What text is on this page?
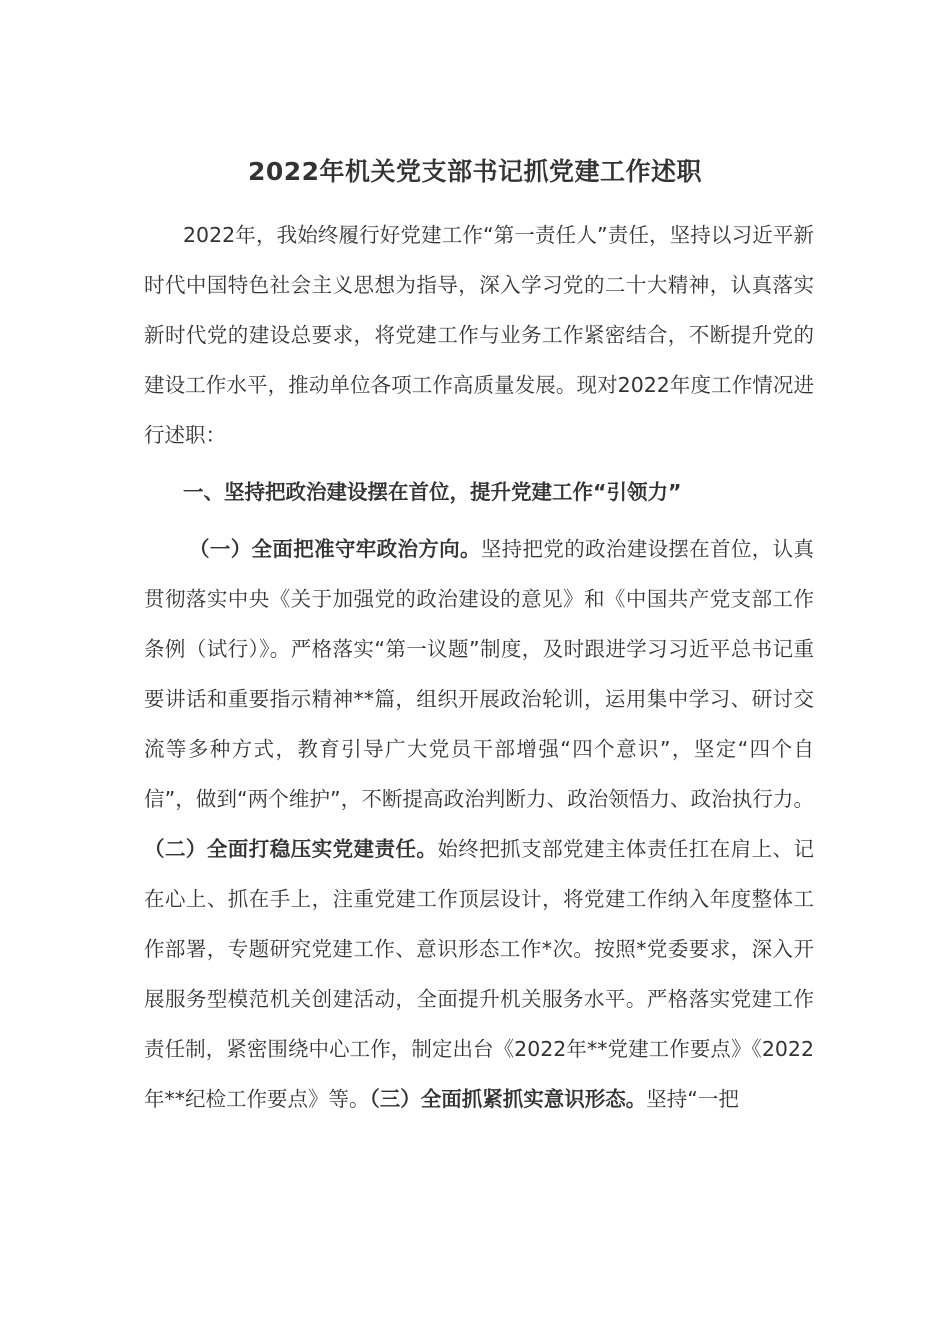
2022年机关党支部书记抓党建工作述职

2022年，我始终履行好党建工作“第一责任人”责任，坚持以习近平新时代中国特色社会主义思想为指导，深入学习党的二十大精神，认真落实新时代党的建设总要求，将党建工作与业务工作紧密结合，不断提升党的建设工作水平，推动单位各项工作高质量发展。现对2022年度工作情况进行述职：

一、坚持把政治建设摆在首位，提升党建工作“引领力”

（一）全面把准守牢政治方向。坚持把党的政治建设摆在首位，认真贯彻落实中央《关于加强党的政治建设的意见》和《中国共产党支部工作条例（试行）》。严格落实“第一议题”制度，及时跟进学习习近平总书记重要讲话和重要指示精神**篇，组织开展政治轮训，运用集中学习、研讨交流等多种方式，教育引导广大党员干部增强“四个意识”，坚定“四个自信”，做到“两个维护”，不断提高政治判断力、政治领悟力、政治执行力。（二）全面打稳压实党建责任。始终把抓支部党建主体责任扛在肩上、记在心上、抓在手上，注重党建工作顶层设计，将党建工作纳入年度整体工作部署，专题研究党建工作、意识形态工作*次。按照*党委要求，深入开展服务型模范机关创建活动，全面提升机关服务水平。严格落实党建工作责任制，紧密围绕中心工作，制定出台《2022年**党建工作要点》《2022年**纪检工作要点》等。（三）全面抓紧抓实意识形态。坚持“一把
